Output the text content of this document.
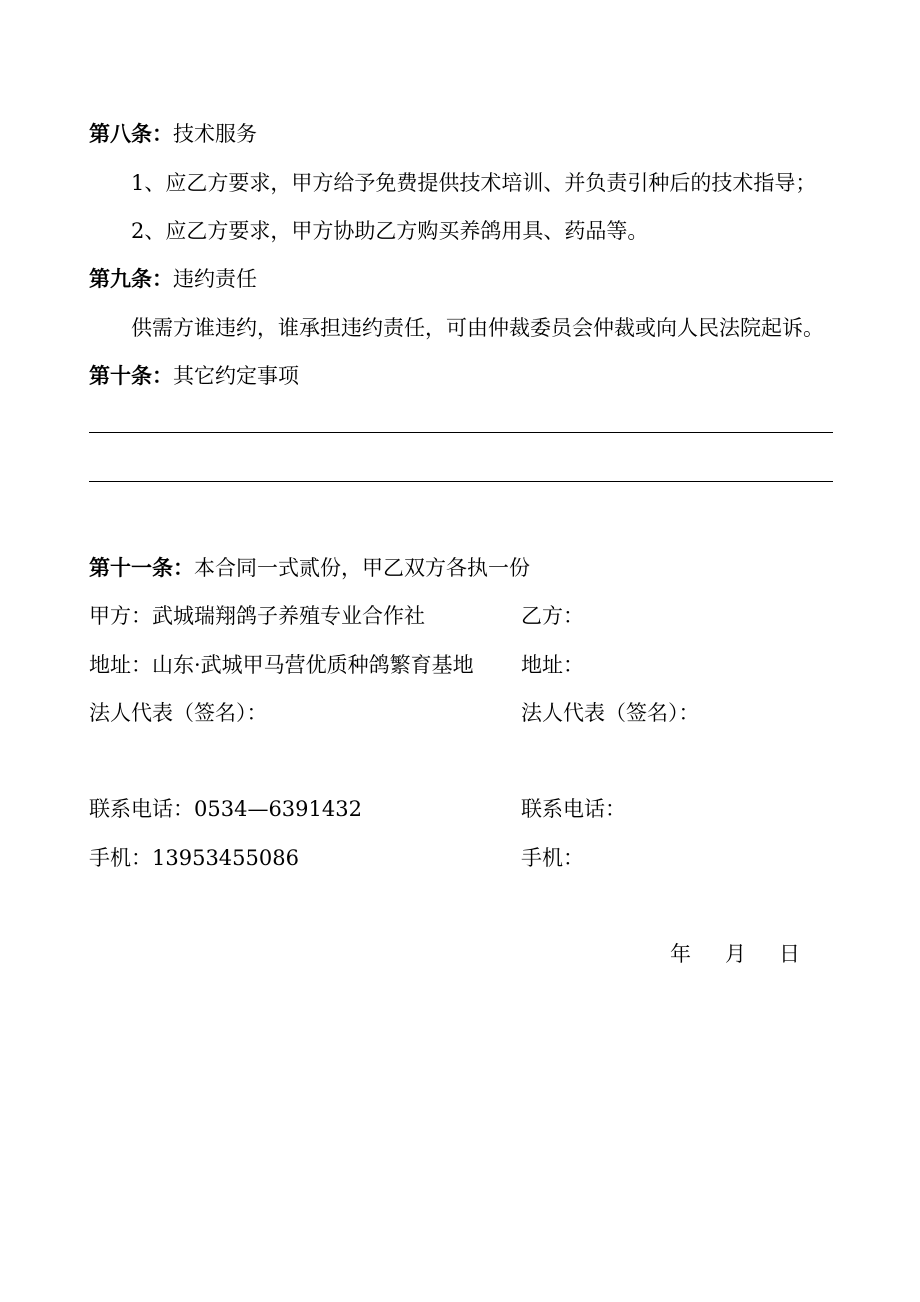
第八条：技术服务
1、应乙方要求，甲方给予免费提供技术培训、并负责引种后的技术指导；
2、应乙方要求，甲方协助乙方购买养鸽用具、药品等。
第九条：违约责任
供需方谁违约，谁承担违约责任，可由仲裁委员会仲裁或向人民法院起诉。
第十条：其它约定事项
第十一条：本合同一式贰份，甲乙双方各执一份
甲方：武城瑞翔鸽子养殖专业合作社
地址：山东·武城甲马营优质种鸽繁育基地
法人代表（签名）：
联系电话：0534—6391432
手机：13953455086
乙方：
地址：
法人代表（签名）：
联系电话：
手机：
年 月 日
